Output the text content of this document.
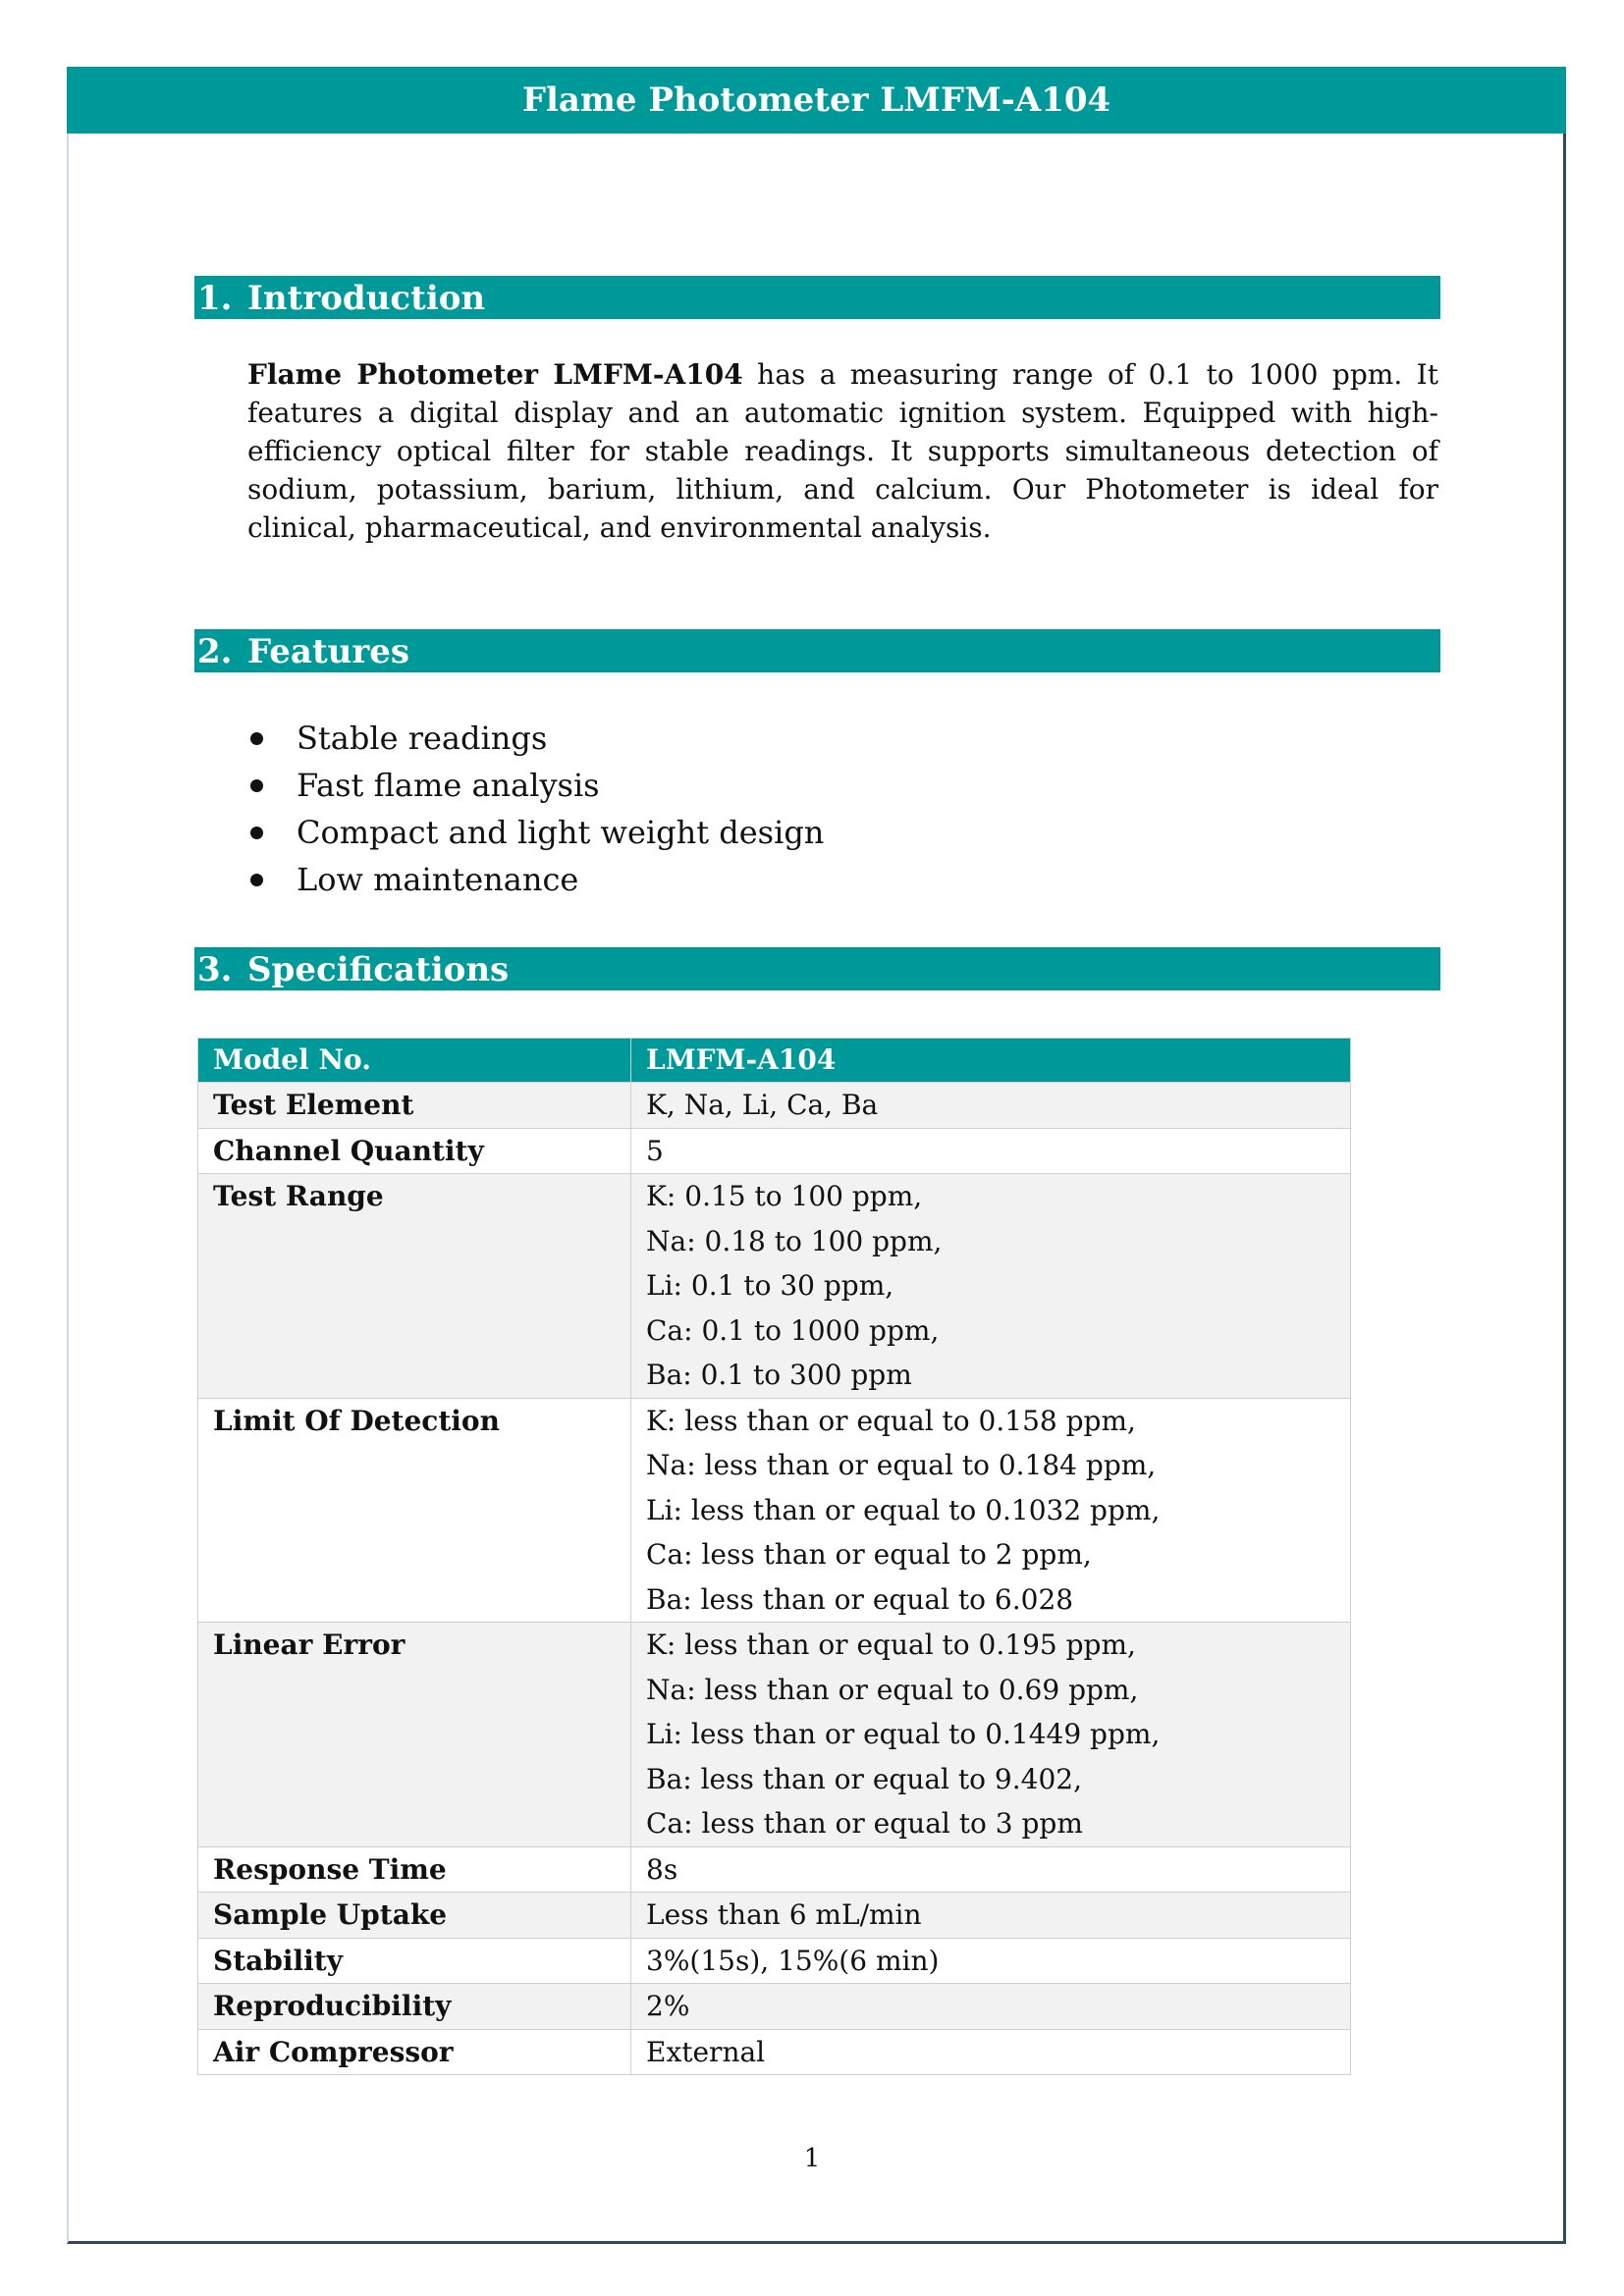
Flame Photometer LMFM-A104
1. Introduction

Flame Photometer LMFM-A104 has a measuring range of 0.1 to 1000 ppm. It features a digital display and an automatic ignition system. Equipped with high-efficiency optical filter for stable readings. It supports simultaneous detection of sodium, potassium, barium, lithium, and calcium. Our Photometer is ideal for clinical, pharmaceutical, and environmental analysis.

2. Features
Stable readings
Fast flame analysis
Compact and light weight design
Low maintenance
3. Specifications
Model No.	LMFM-A104
Test Element	K, Na, Li, Ca, Ba

Channel Quantity	5

Test Range	K: 0.15 to 100 ppm,
Na: 0.18 to 100 ppm,
Li: 0.1 to 30 ppm,
Ca: 0.1 to 1000 ppm,
Ba: 0.1 to 300 ppm

Limit Of Detection	K: less than or equal to 0.158 ppm,
Na: less than or equal to 0.184 ppm,
Li: less than or equal to 0.1032 ppm,
Ca: less than or equal to 2 ppm,
Ba: less than or equal to 6.028

Linear Error	K: less than or equal to 0.195 ppm,
Na: less than or equal to 0.69 ppm,
Li: less than or equal to 0.1449 ppm,
Ba: less than or equal to 9.402,
Ca: less than or equal to 3 ppm

Response Time	8s

Sample Uptake	Less than 6 mL/min

Stability	3%(15s), 15%(6 min)

Reproducibility	2%

Air Compressor	External
1
